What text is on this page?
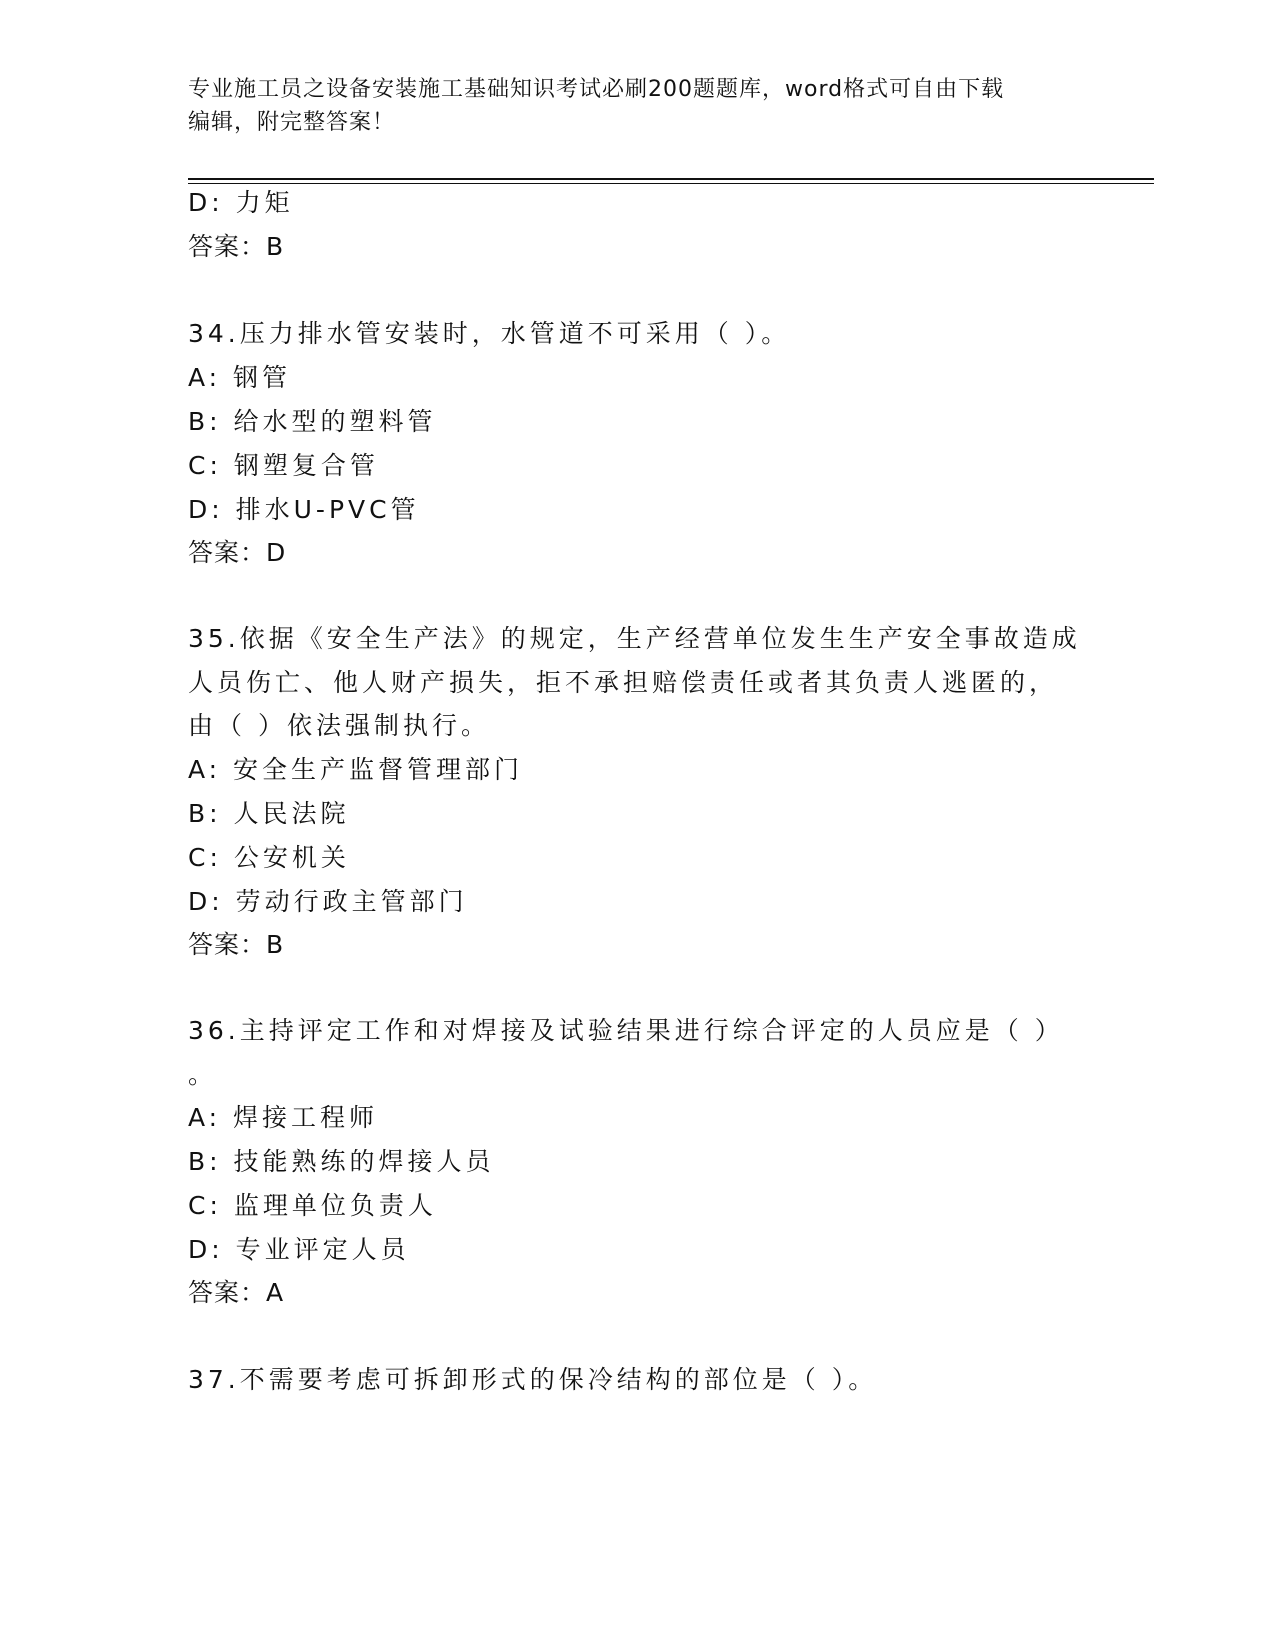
专业施工员之设备安装施工基础知识考试必刷200题题库，word格式可自由下载
编辑，附完整答案！
D: 力矩
答案：B
34.压力排水管安装时，水管道不可采用（ ）。
A: 钢管
B: 给水型的塑料管
C: 钢塑复合管
D: 排水U-PVC管
答案：D
35.依据《安全生产法》的规定，生产经营单位发生生产安全事故造成
人员伤亡、他人财产损失，拒不承担赔偿责任或者其负责人逃匿的，
由（ ）依法强制执行。
A: 安全生产监督管理部门
B: 人民法院
C: 公安机关
D: 劳动行政主管部门
答案：B
36.主持评定工作和对焊接及试验结果进行综合评定的人员应是（ ）
。
A: 焊接工程师
B: 技能熟练的焊接人员
C: 监理单位负责人
D: 专业评定人员
答案：A
37.不需要考虑可拆卸形式的保冷结构的部位是（ ）。
